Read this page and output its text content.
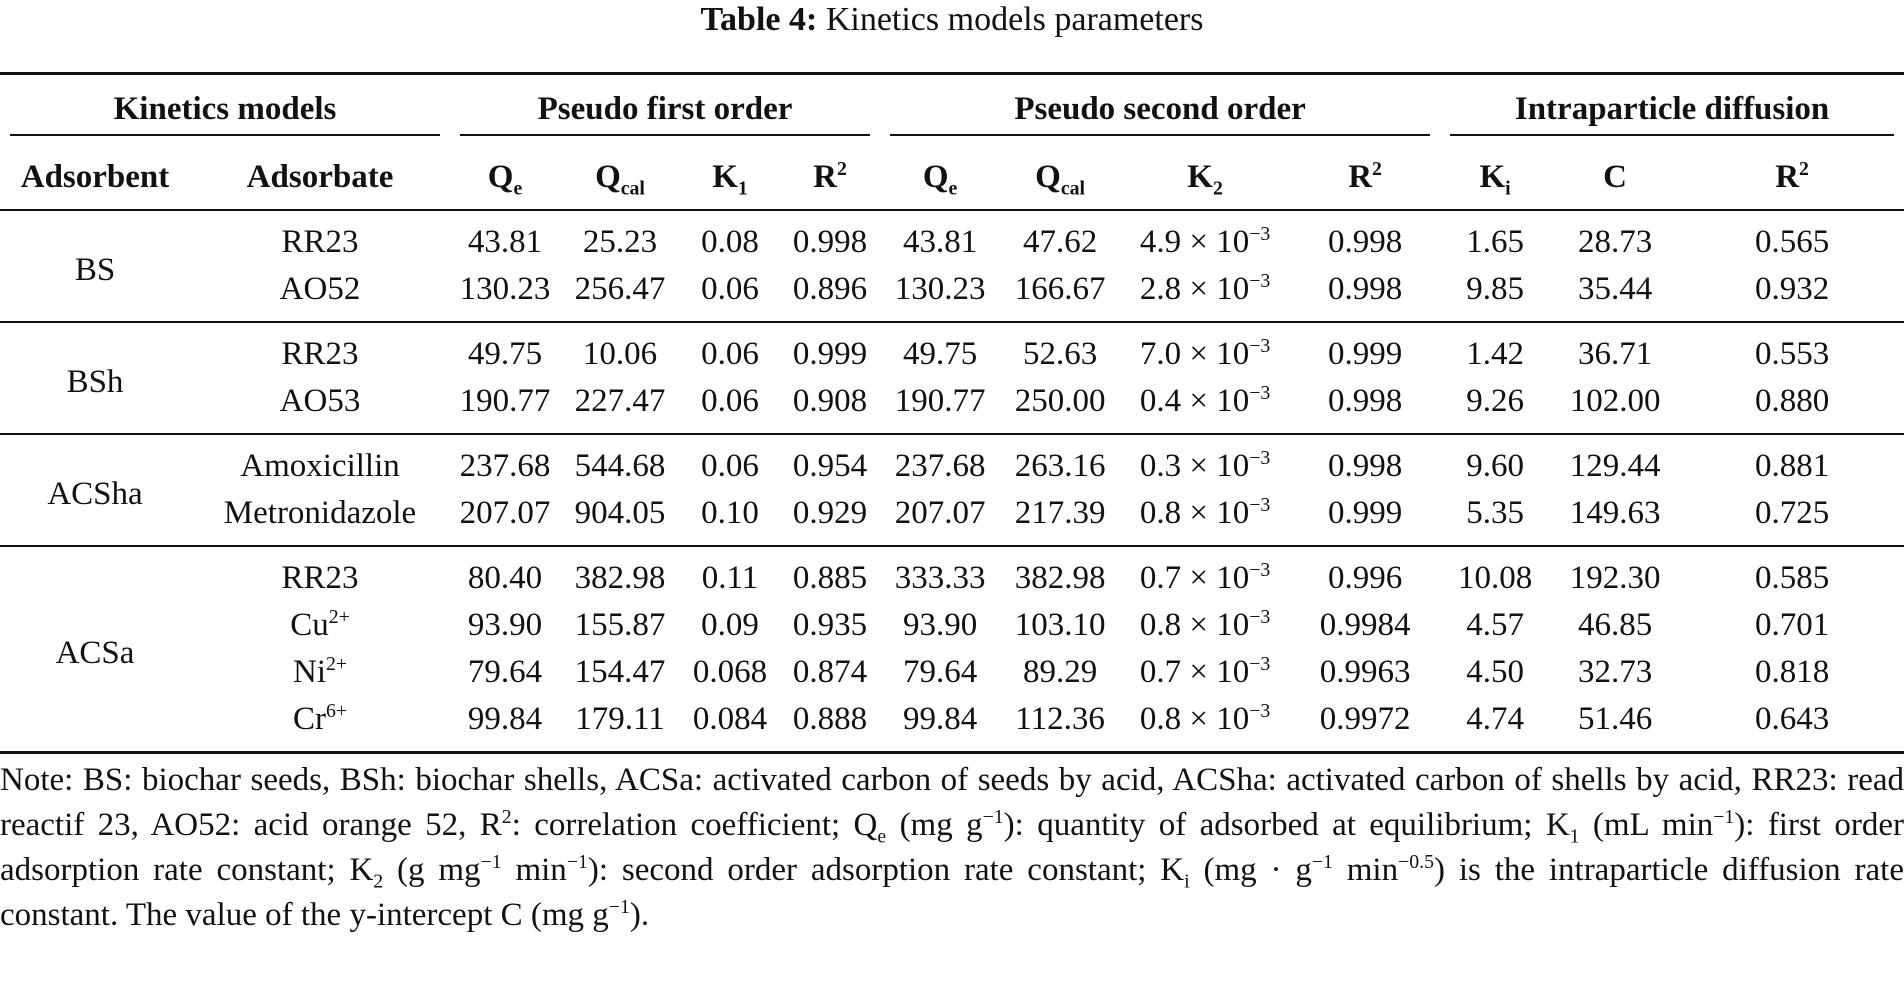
Table 4: Kinetics models parameters
Kinetics models		Pseudo first order				Pseudo second order				Intraparticle diffusion		

Adsorbent	Adsorbate	$Q_e$	$Q_{cal}$	$K_1$	$R^2$	$Q_e$	$Q_{cal}$	$K_2$	$R^2$	$K_i$	C	$R^2$
BS	RR23	43.81	25.23	0.08	0.998	43.81	47.62	$4.9 \times 10^{-3}$	0.998	1.65	28.73	0.565
	AO52	130.23	256.47	0.06	0.896	130.23	166.67	$2.8 \times 10^{-3}$	0.998	9.85	35.44	0.932
BSh	RR23	49.75	10.06	0.06	0.999	49.75	52.63	$7.0 \times 10^{-3}$	0.999	1.42	36.71	0.553
	AO53	190.77	227.47	0.06	0.908	190.77	250.00	$0.4 \times 10^{-3}$	0.998	9.26	102.00	0.880
ACSha	Amoxicillin	237.68	544.68	0.06	0.954	237.68	263.16	$0.3 \times 10^{-3}$	0.998	9.60	129.44	0.881
	Metronidazole	207.07	904.05	0.10	0.929	207.07	217.39	$0.8 \times 10^{-3}$	0.999	5.35	149.63	0.725
ACSa	RR23	80.40	382.98	0.11	0.885	333.33	382.98	$0.7 \times 10^{-3}$	0.996	10.08	192.30	0.585
	$Cu^{2+}$	93.90	155.87	0.09	0.935	93.90	103.10	$0.8 \times 10^{-3}$	0.9984	4.57	46.85	0.701
	$Ni^{2+}$	79.64	154.47	0.068	0.874	79.64	89.29	$0.7 \times 10^{-3}$	0.9963	4.50	32.73	0.818
	$Cr^{6+}$	99.84	179.11	0.084	0.888	99.84	112.36	$0.8 \times 10^{-3}$	0.9972	4.74	51.46	0.643
Note: BS: biochar seeds, BSh: biochar shells, ACSa: activated carbon of seeds by acid, ACSha: activated carbon of shells by acid, RR23: read reactif 23, AO52: acid orange 52, $R^2$: correlation coefficient; $Q_e$ (mg $g^{-1}$): quantity of adsorbed at equilibrium; $K_1$ (mL $\min^{-1}$): first order adsorption rate constant; $K_2$ (g $mg^{-1}$ $\min^{-1}$): second order adsorption rate constant; $K_i$ ($mg \cdot g^{-1}$ $\min^{-0.5}$) is the intraparticle diffusion rate constant. The value of the y-intercept C (mg $g^{-1}$).
